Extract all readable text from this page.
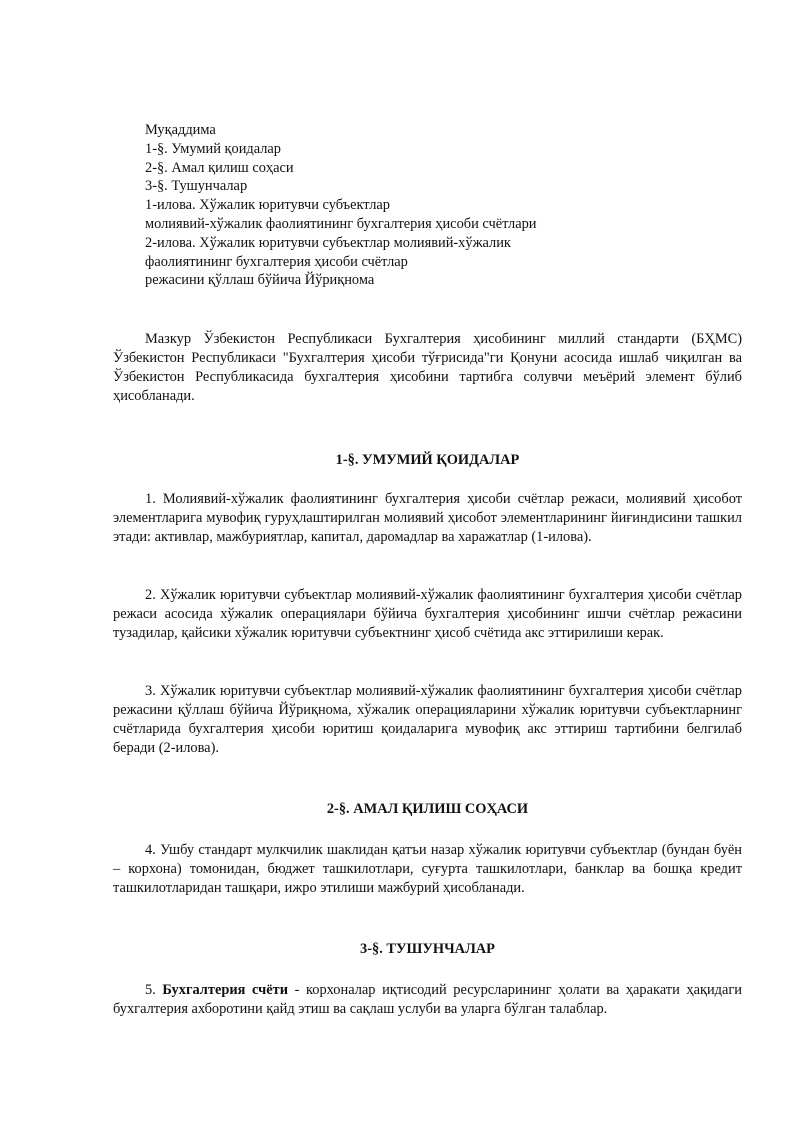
Муқаддима
1-§. Умумий қоидалар
2-§. Амал қилиш соҳаси
3-§. Тушунчалар
1-илова. Хўжалик юритувчи субъектлар
молиявий-хўжалик фаолиятининг бухгалтерия ҳисоби счётлари
2-илова. Хўжалик юритувчи субъектлар молиявий-хўжалик
фаолиятининг бухгалтерия ҳисоби счётлар
режасини қўллаш бўйича Йўриқнома

Мазкур Ўзбекистон Республикаси Бухгалтерия ҳисобининг миллий стандарти (БҲМС) Ўзбекистон Республикаси "Бухгалтерия ҳисоби тўғрисида"ги Қонуни асосида ишлаб чиқилган ва Ўзбекистон Республикасида бухгалтерия ҳисобини тартибга солувчи меъёрий элемент бўлиб ҳисобланади.

1-§. УМУМИЙ ҚОИДАЛАР

1. Молиявий-хўжалик фаолиятининг бухгалтерия ҳисоби счётлар режаси, молиявий ҳисобот элементларига мувофиқ гуруҳлаштирилган молиявий ҳисобот элементларининг йиғиндисини ташкил этади: активлар, мажбуриятлар, капитал, даромадлар ва харажатлар (1-илова).

2. Хўжалик юритувчи субъектлар молиявий-хўжалик фаолиятининг бухгалтерия ҳисоби счётлар режаси асосида хўжалик операциялари бўйича бухгалтерия ҳисобининг ишчи счётлар режасини тузадилар, қайсики хўжалик юритувчи субъектнинг ҳисоб счётида акс эттирилиши керак.

3. Хўжалик юритувчи субъектлар молиявий-хўжалик фаолиятининг бухгалтерия ҳисоби счётлар режасини қўллаш бўйича Йўриқнома, хўжалик операцияларини хўжалик юритувчи субъектларнинг счётларида бухгалтерия ҳисоби юритиш қоидаларига мувофиқ акс эттириш тартибини белгилаб беради (2-илова).

2-§. АМАЛ ҚИЛИШ СОҲАСИ

4. Ушбу стандарт мулкчилик шаклидан қатъи назар хўжалик юритувчи субъектлар (бундан буён – корхона) томонидан, бюджет ташкилотлари, суғурта ташкилотлари, банклар ва бошқа кредит ташкилотларидан ташқари, ижро этилиши мажбурий ҳисобланади.

3-§. ТУШУНЧАЛАР

5. Бухгалтерия счёти - корхоналар иқтисодий ресурсларининг ҳолати ва ҳаракати ҳақидаги бухгалтерия ахборотини қайд этиш ва сақлаш услуби ва уларга бўлган талаблар.
